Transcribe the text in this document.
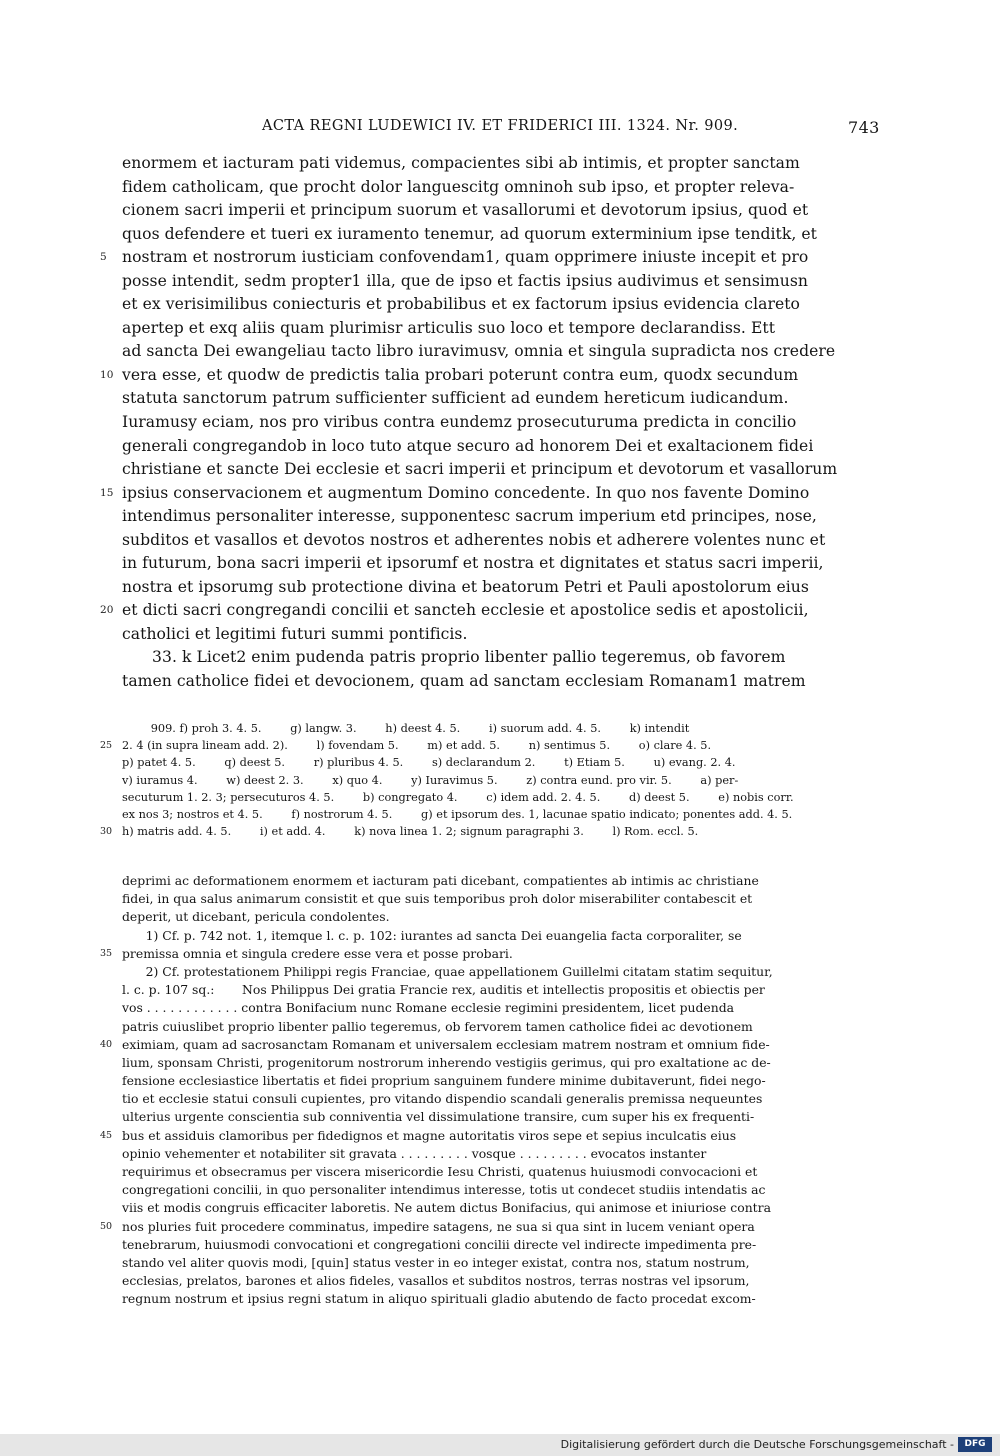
ACTA REGNI LUDEWICI IV. ET FRIDERICI III. 1324. Nr. 909.	743
enormem et iacturam pati videmus, compacientes sibi ab intimis, et propter sanctam
fidem catholicam, que procht dolor languescitg omninoh sub ipso, et propter releva-
cionem sacri imperii et principum suorum et vasallorumi et devotorum ipsius, quod et
quos defendere et tueri ex iuramento tenemur, ad quorum exterminium ipse tenditk, et
5 nostram et nostrorum iusticiam confovendam1, quam opprimere iniuste incepit et pro
posse intendit, sedm propter1 illa, que de ipso et factis ipsius audivimus et sensimusn
et ex verisimilibus coniecturis et probabilibus et ex factorum ipsius evidencia clareto
apertep et exq aliis quam plurimisr articulis suo loco et tempore declarandiss. Ett
ad sancta Dei ewangeliau tacto libro iuravimusv, omnia et singula supradicta nos credere
10 vera esse, et quodw de predictis talia probari poterunt contra eum, quodx secundum
statuta sanctorum patrum sufficienter sufficient ad eundem hereticum iudicandum.
Iuramusy eciam, nos pro viribus contra eundemz prosecuturuma predicta in concilio
generali congregandob in loco tuto atque securo ad honorem Dei et exaltacionem fidei
christiane et sancte Dei ecclesie et sacri imperii et principum et devotorum et vasallorum
15 ipsius conservacionem et augmentum Domino concedente. In quo nos favente Domino
intendimus personaliter interesse, supponentesc sacrum imperium etd principes, nose,
subditos et vasallos et devotos nostros et adherentes nobis et adherere volentes nunc et
in futurum, bona sacri imperii et ipsorumf et nostra et dignitates et status sacri imperii,
nostra et ipsorumg sub protectione divina et beatorum Petri et Pauli apostolorum eius
20 et dicti sacri congregandi concilii et sancteh ecclesie et apostolice sedis et apostolicii,
catholici et legitimi futuri summi pontificis.
33. k Licet2 enim pudenda patris proprio libenter pallio tegeremus, ob favorem
tamen catholice fidei et devocionem, quam ad sanctam ecclesiam Romanam1 matrem
909. f) proh 3. 4. 5.        g) langw. 3.        h) deest 4. 5.        i) suorum add. 4. 5.        k) intendit
25 2. 4 (in supra lineam add. 2).        l) fovendam 5.        m) et add. 5.        n) sentimus 5.        o) clare 4. 5.
p) patet 4. 5.        q) deest 5.        r) pluribus 4. 5.        s) declarandum 2.        t) Etiam 5.        u) evang. 2. 4.
v) iuramus 4.        w) deest 2. 3.        x) quo 4.        y) Iuravimus 5.        z) contra eund. pro vir. 5.        a) per-
secuturum 1. 2. 3; persecuturos 4. 5.        b) congregato 4.        c) idem add. 2. 4. 5.        d) deest 5.        e) nobis corr.
ex nos 3; nostros et 4. 5.        f) nostrorum 4. 5.        g) et ipsorum des. 1, lacunae spatio indicato; ponentes add. 4. 5.
30 h) matris add. 4. 5.        i) et add. 4.        k) nova linea 1. 2; signum paragraphi 3.        l) Rom. eccl. 5.
deprimi ac deformationem enormem et iacturam pati dicebant, compatientes ab intimis ac christiane
fidei, in qua salus animarum consistit et que suis temporibus proh dolor miserabiliter contabescit et
deperit, ut dicebant, pericula condolentes.
1) Cf. p. 742 not. 1, itemque l. c. p. 102: iurantes ad sancta Dei euangelia facta corporaliter, se
35 premissa omnia et singula credere esse vera et posse probari.
2) Cf. protestationem Philippi regis Franciae, quae appellationem Guillelmi citatam statim sequitur,
l. c. p. 107 sq.:       Nos Philippus Dei gratia Francie rex, auditis et intellectis propositis et obiectis per
vos . . . . . . . . . . . . contra Bonifacium nunc Romane ecclesie regimini presidentem, licet pudenda
patris cuiuslibet proprio libenter pallio tegeremus, ob fervorem tamen catholice fidei ac devotionem
40 eximiam, quam ad sacrosanctam Romanam et universalem ecclesiam matrem nostram et omnium fide-
lium, sponsam Christi, progenitorum nostrorum inherendo vestigiis gerimus, qui pro exaltatione ac de-
fensione ecclesiastice libertatis et fidei proprium sanguinem fundere minime dubitaverunt, fidei nego-
tio et ecclesie statui consuli cupientes, pro vitando dispendio scandali generalis premissa nequeuntes
ulterius urgente conscientia sub conniventia vel dissimulatione transire, cum super his ex frequenti-
45 bus et assiduis clamoribus per fidedignos et magne autoritatis viros sepe et sepius inculcatis eius
opinio vehementer et notabiliter sit gravata . . . . . . . . . vosque . . . . . . . . . evocatos instanter
requirimus et obsecramus per viscera misericordie Iesu Christi, quatenus huiusmodi convocacioni et
congregationi concilii, in quo personaliter intendimus interesse, totis ut condecet studiis intendatis ac
viis et modis congruis efficaciter laboretis. Ne autem dictus Bonifacius, qui animose et iniuriose contra
50 nos pluries fuit procedere comminatus, impedire satagens, ne sua si qua sint in lucem veniant opera
tenebrarum, huiusmodi convocationi et congregationi concilii directe vel indirecte impedimenta pre-
stando vel aliter quovis modi, [quin] status vester in eo integer existat, contra nos, statum nostrum,
ecclesias, prelatos, barones et alios fideles, vasallos et subditos nostros, terras nostras vel ipsorum,
regnum nostrum et ipsius regni statum in aliquo spirituali gladio abutendo de facto procedat excom-
Digitalisierung gefördert durch die Deutsche Forschungsgemeinschaft -	DFG
